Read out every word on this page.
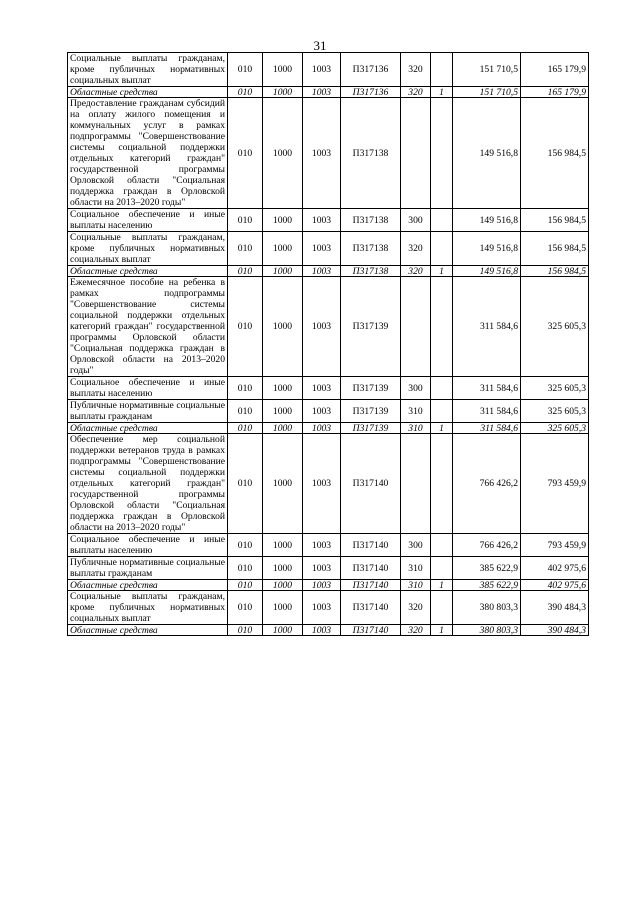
31
Социальные выплаты гражданам, кроме публичных нормативных социальных выплат	010	1000	1003	П317136	320		151 710,5	165 179,9
Областные средства	010	1000	1003	П317136	320	1	151 710,5	165 179,9
Предоставление гражданам субсидий на оплату жилого помещения и коммунальных услуг в рамках подпрограммы "Совершенствование системы социальной поддержки отдельных категорий граждан" государственной программы Орловской области "Социальная поддержка граждан в Орловской области на 2013–2020 годы"	010	1000	1003	П317138			149 516,8	156 984,5
Социальное обеспечение и иные выплаты населению	010	1000	1003	П317138	300		149 516,8	156 984,5
Социальные выплаты гражданам, кроме публичных нормативных социальных выплат	010	1000	1003	П317138	320		149 516,8	156 984,5
Областные средства	010	1000	1003	П317138	320	1	149 516,8	156 984,5
Ежемесячное пособие на ребенка в рамках подпрограммы "Совершенствование системы социальной поддержки отдельных категорий граждан" государственной программы Орловской области "Социальная поддержка граждан в Орловской области на 2013–2020 годы"	010	1000	1003	П317139			311 584,6	325 605,3
Социальное обеспечение и иные выплаты населению	010	1000	1003	П317139	300		311 584,6	325 605,3
Публичные нормативные социальные выплаты гражданам	010	1000	1003	П317139	310		311 584,6	325 605,3
Областные средства	010	1000	1003	П317139	310	1	311 584,6	325 605,3
Обеспечение мер социальной поддержки ветеранов труда в рамках подпрограммы "Совершенствование системы социальной поддержки отдельных категорий граждан" государственной программы Орловской области "Социальная поддержка граждан в Орловской области на 2013–2020 годы"	010	1000	1003	П317140			766 426,2	793 459,9
Социальное обеспечение и иные выплаты населению	010	1000	1003	П317140	300		766 426,2	793 459,9
Публичные нормативные социальные выплаты гражданам	010	1000	1003	П317140	310		385 622,9	402 975,6
Областные средства	010	1000	1003	П317140	310	1	385 622,9	402 975,6
Социальные выплаты гражданам, кроме публичных нормативных социальных выплат	010	1000	1003	П317140	320		380 803,3	390 484,3
Областные средства	010	1000	1003	П317140	320	1	380 803,3	390 484,3
